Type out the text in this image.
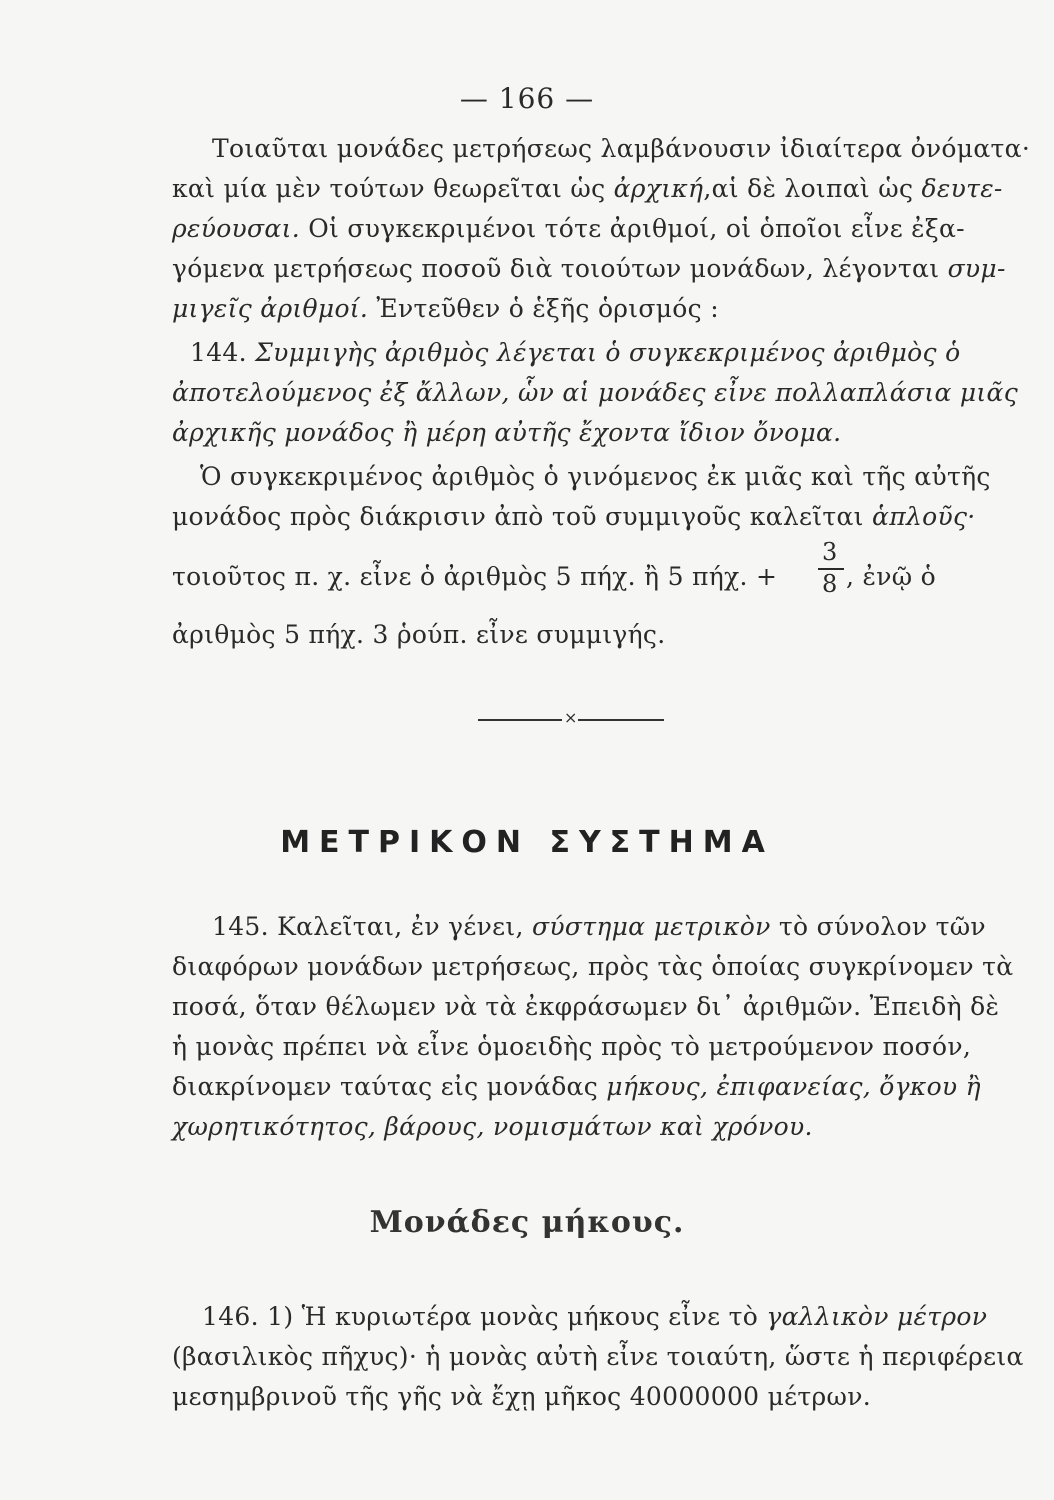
— 166 —
Τοιαῦται μονάδες μετρήσεως λαμβάνουσιν ἰδιαίτερα ὀνόματα·
καὶ μία μὲν τούτων θεωρεῖται ὡς ἀρχική,αἱ δὲ λοιπαὶ ὡς δευτε-
ρεύουσαι. Οἱ συγκεκριμένοι τότε ἀριθμοί, οἱ ὁποῖοι εἶνε ἐξα-
γόμενα μετρήσεως ποσοῦ διὰ τοιούτων μονάδων, λέγονται συμ-
μιγεῖς ἀριθμοί. Ἐντεῦθεν ὁ ἑξῆς ὁρισμός :
144. Συμμιγὴς ἀριθμὸς λέγεται ὁ συγκεκριμένος ἀριθμὸς ὁ
ἀποτελούμενος ἐξ ἄλλων, ὧν αἱ μονάδες εἶνε πολλαπλάσια μιᾶς
ἀρχικῆς μονάδος ἢ μέρη αὐτῆς ἔχοντα ἴδιον ὄνομα.
Ὁ συγκεκριμένος ἀριθμὸς ὁ γινόμενος ἐκ μιᾶς καὶ τῆς αὐτῆς
μονάδος πρὸς διάκρισιν ἀπὸ τοῦ συμμιγοῦς καλεῖται ἁπλοῦς·
τοιοῦτος π. χ. εἶνε ὁ ἀριθμὸς 5 πήχ. ἢ 5 πήχ. +
3
8 , ἐνῷ ὁ
ἀριθμὸς 5 πήχ. 3 ῥούπ. εἶνε συμμιγής.
×
ΜΕΤΡΙΚΟΝ ΣΥΣΤΗΜΑ
145. Καλεῖται, ἐν γένει, σύστημα μετρικὸν τὸ σύνολον τῶν
διαφόρων μονάδων μετρήσεως, πρὸς τὰς ὁποίας συγκρίνομεν τὰ
ποσά, ὅταν θέλωμεν νὰ τὰ ἐκφράσωμεν δι᾽ ἀριθμῶν. Ἐπειδὴ δὲ
ἡ μονὰς πρέπει νὰ εἶνε ὁμοειδὴς πρὸς τὸ μετρούμενον ποσόν,
διακρίνομεν ταύτας εἰς μονάδας μήκους, ἐπιφανείας, ὄγκου ἢ
χωρητικότητος, βάρους, νομισμάτων καὶ χρόνου.
Μονάδες μήκους.
146. 1) Ἡ κυριωτέρα μονὰς μήκους εἶνε τὸ γαλλικὸν μέτρον
(βασιλικὸς πῆχυς)· ἡ μονὰς αὐτὴ εἶνε τοιαύτη, ὥστε ἡ περιφέρεια
μεσημβρινοῦ τῆς γῆς νὰ ἔχῃ μῆκος 40000000 μέτρων.
